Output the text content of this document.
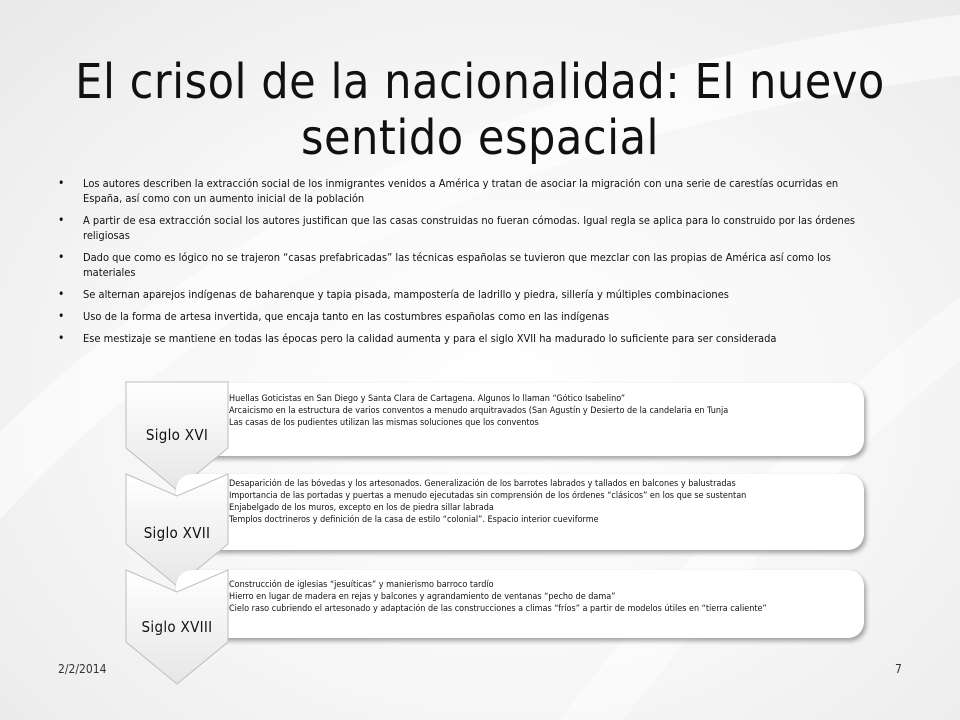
El crisol de la nacionalidad: El nuevo sentido espacial
• Los autores describen la extracción social de los inmigrantes venidos a América y tratan de asociar la migración con una serie de carestías ocurridas en España, así como con un aumento inicial de la población
• A partir de esa extracción social los autores justifican que las casas construidas no fueran cómodas. Igual regla se aplica para lo construido por las órdenes religiosas
• Dado que como es lógico no se trajeron “casas prefabricadas” las técnicas españolas se tuvieron que mezclar con las propias de América así como los materiales
• Se alternan aparejos indígenas de baharenque y tapia pisada, mampostería de ladrillo y piedra, sillería y múltiples combinaciones
• Uso de la forma de artesa invertida, que encaja tanto en las costumbres españolas como en las indígenas
• Ese mestizaje se mantiene en todas las épocas pero la calidad aumenta y para el siglo XVII ha madurado lo suficiente para ser considerada
• Huellas Goticistas en San Diego y Santa Clara de Cartagena. Algunos lo llaman “Gótico Isabelino”
• Arcaicismo en la estructura de varios conventos a menudo arquitravados (San Agustín y Desierto de la candelaria en Tunja
• Las casas de los pudientes utilizan las mismas soluciones que los conventos
Siglo XVI
• Desaparición de las bóvedas y los artesonados. Generalización de los barrotes labrados y tallados en balcones y balustradas
• Importancia de las portadas y puertas a menudo ejecutadas sin comprensión de los órdenes “clásicos” en los que se sustentan
• Enjabelgado de los muros, excepto en los de piedra sillar labrada
• Templos doctrineros y definición de la casa de estilo “colonial”. Espacio interior cueviforme
Siglo XVII
• Construcción de iglesias “jesuíticas” y manierismo barroco tardío
• Hierro en lugar de madera en rejas y balcones y agrandamiento de ventanas “pecho de dama”
• Cielo raso cubriendo el artesonado y adaptación de las construcciones a climas “fríos” a partir de modelos útiles en “tierra caliente”
Siglo XVIII
2/2/2014	7
